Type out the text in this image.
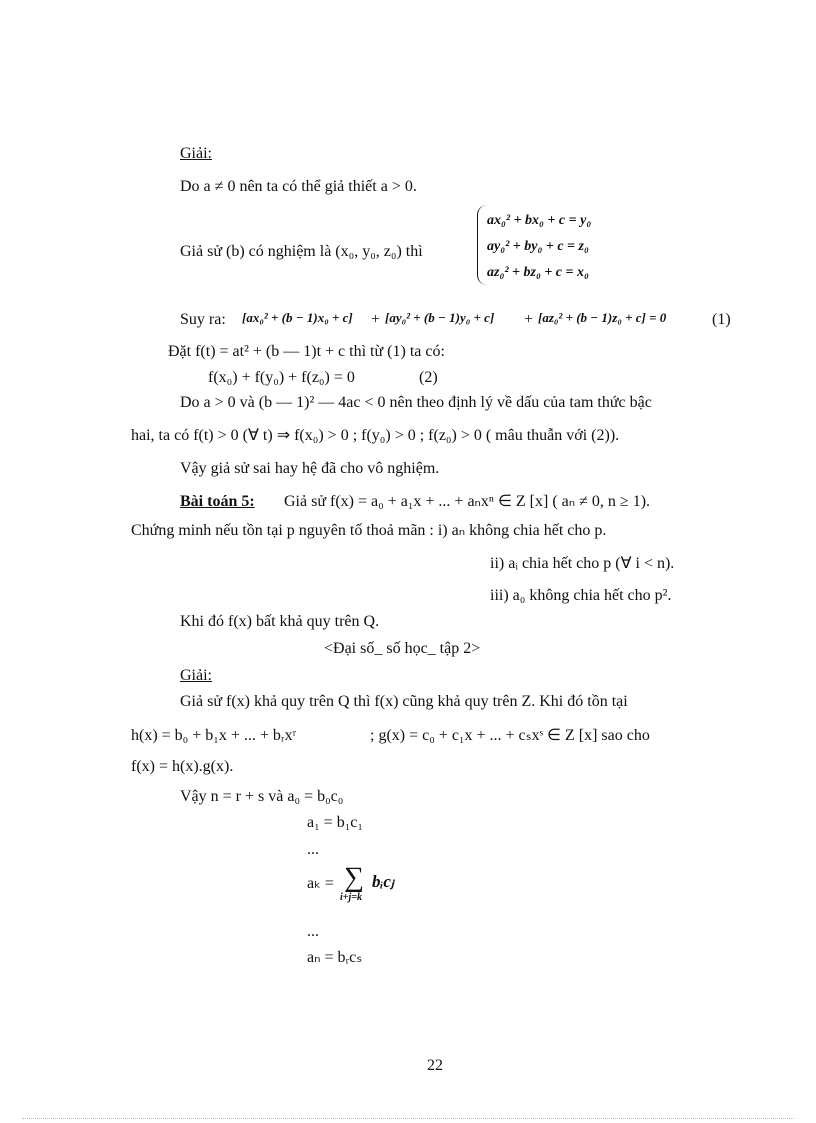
Giải:
Do a ≠ 0 nên ta có thể giả thiết a > 0.
Giả sử (b) có nghiệm là (x₀, y₀, z₀) thì
ax₀² + bx₀ + c = y₀
ay₀² + by₀ + c = z₀
az₀² + bz₀ + c = x₀
Suy ra: [ax₀² + (b − 1)x₀ + c] + [ay₀² + (b − 1)y₀ + c] + [az₀² + (b − 1)z₀ + c] = 0	(1)
Đặt f(t) = at² + (b — 1)t + c thì từ (1) ta có:
f(x₀) + f(y₀) + f(z₀) = 0	(2)
Do a > 0 và (b — 1)² — 4ac < 0 nên theo định lý về dấu của tam thức bậc
hai, ta có f(t) > 0 (∀ t) ⇒ f(x₀) > 0 ; f(y₀) > 0 ; f(z₀) > 0 ( mâu thuẫn với (2)).
Vậy giả sử sai hay hệ đã cho vô nghiệm.
Bài toán 5: Giả sử f(x) = a₀ + a₁x + ... + aₙxⁿ ∈ Z [x] ( aₙ ≠ 0, n ≥ 1).
Chứng minh nếu tồn tại p nguyên tố thoả mãn : i) aₙ không chia hết cho p.
ii) aᵢ chia hết cho p (∀ i < n).
iii) a₀ không chia hết cho p².
Khi đó f(x) bất khả quy trên Q.
<Đại số_ số học_ tập 2>
Giải:
Giả sử f(x) khả quy trên Q thì f(x) cũng khả quy trên Z. Khi đó tồn tại
h(x) = b₀ + b₁x + ... + bᵣxʳ	; g(x) = c₀ + c₁x + ... + cₛxˢ ∈ Z [x] sao cho
f(x) = h(x).g(x).
Vậy n = r + s và a₀ = b₀c₀
a₁ = b₁c₁
...
aₖ = ∑
i+j=k
bᵢcⱼ
...
aₙ = bᵣcₛ
22
